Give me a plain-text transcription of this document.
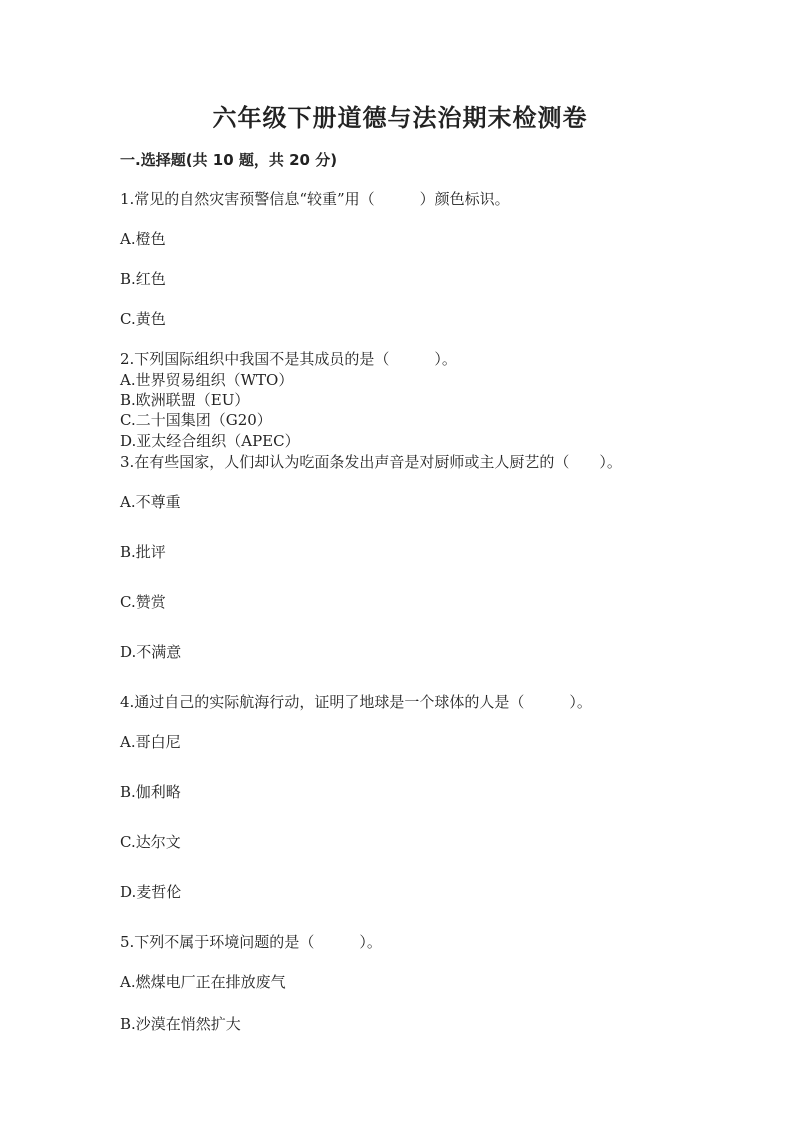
六年级下册道德与法治期末检测卷
一.选择题(共 10 题，共 20 分)
1.常见的自然灾害预警信息“较重”用（　　　）颜色标识。
A.橙色
B.红色
C.黄色
2.下列国际组织中我国不是其成员的是（　　　）。
A.世界贸易组织（WTO）
B.欧洲联盟（EU）
C.二十国集团（G20）
D.亚太经合组织（APEC）
3.在有些国家，人们却认为吃面条发出声音是对厨师或主人厨艺的（　　）。
A.不尊重
B.批评
C.赞赏
D.不满意
4.通过自己的实际航海行动，证明了地球是一个球体的人是（　　　）。
A.哥白尼
B.伽利略
C.达尔文
D.麦哲伦
5.下列不属于环境问题的是（　　　）。
A.燃煤电厂正在排放废气
B.沙漠在悄然扩大
